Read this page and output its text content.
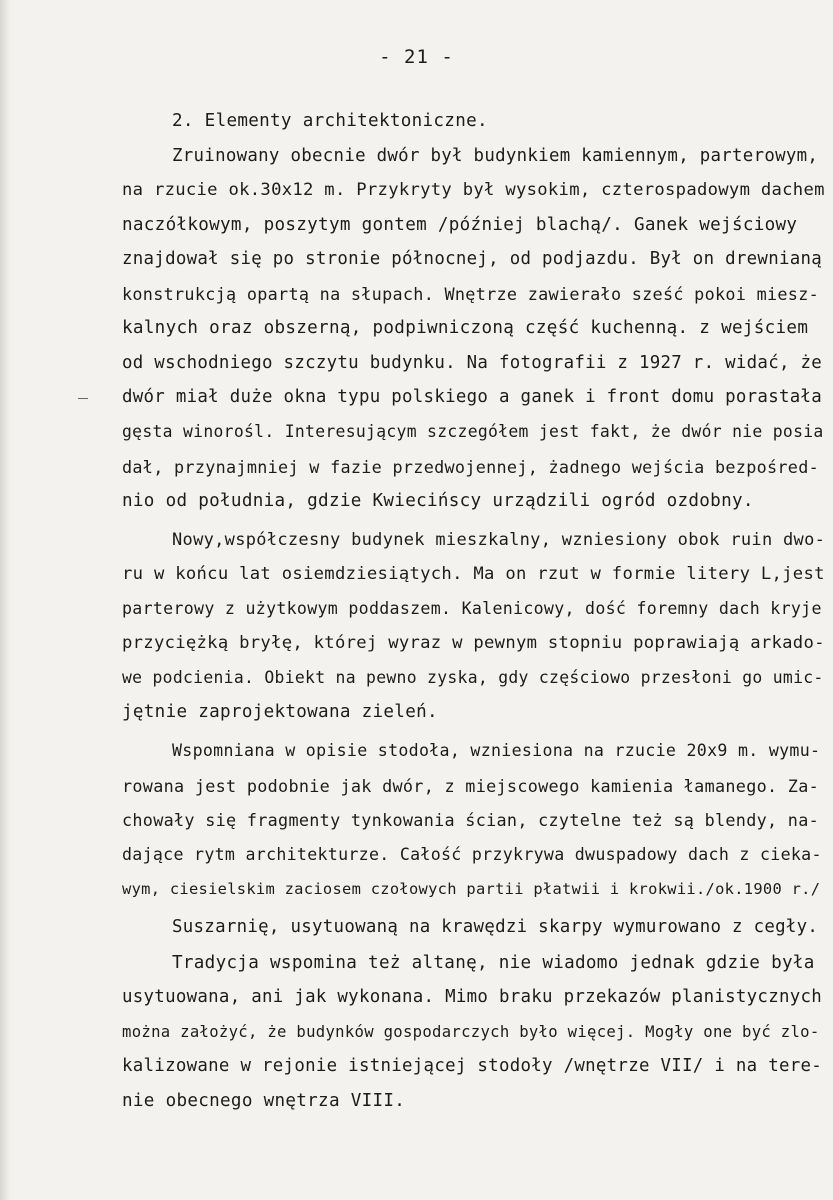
- 21 -
2. Elementy architektoniczne.
Zruinowany obecnie dwór był budynkiem kamiennym, parterowym,
na rzucie ok.30x12 m. Przykryty był wysokim, czterospadowym dachem
naczółkowym, poszytym gontem /później blachą/. Ganek wejściowy
znajdował się po stronie północnej, od podjazdu. Był on drewnianą
konstrukcją opartą na słupach. Wnętrze zawierało sześć pokoi miesz-
kalnych oraz obszerną, podpiwniczoną część kuchenną. z wejściem
od wschodniego szczytu budynku. Na fotografii z 1927 r. widać, że
dwór miał duże okna typu polskiego a ganek i front domu porastała
gęsta winorośl. Interesującym szczegółem jest fakt, że dwór nie posia
dał, przynajmniej w fazie przedwojennej, żadnego wejścia bezpośred-
nio od południa, gdzie Kwiecińscy urządzili ogród ozdobny.
Nowy,współczesny budynek mieszkalny, wzniesiony obok ruin dwo-
ru w końcu lat osiemdziesiątych. Ma on rzut w formie litery L,jest
parterowy z użytkowym poddaszem. Kalenicowy, dość foremny dach kryje
przyciężką bryłę, której wyraz w pewnym stopniu poprawiają arkado-
we podcienia. Obiekt na pewno zyska, gdy częściowo przesłoni go umic-
jętnie zaprojektowana zieleń.
Wspomniana w opisie stodoła, wzniesiona na rzucie 20x9 m. wymu-
rowana jest podobnie jak dwór, z miejscowego kamienia łamanego. Za-
chowały się fragmenty tynkowania ścian, czytelne też są blendy, na-
dające rytm architekturze. Całość przykrywa dwuspadowy dach z cieka-
wym, ciesielskim zaciosem czołowych partii płatwii i krokwii./ok.1900 r./
Suszarnię, usytuowaną na krawędzi skarpy wymurowano z cegły.
Tradycja wspomina też altanę, nie wiadomo jednak gdzie była
usytuowana, ani jak wykonana. Mimo braku przekazów planistycznych
można założyć, że budynków gospodarczych było więcej. Mogły one być zlo-
kalizowane w rejonie istniejącej stodoły /wnętrze VII/ i na tere-
nie obecnego wnętrza VIII.
